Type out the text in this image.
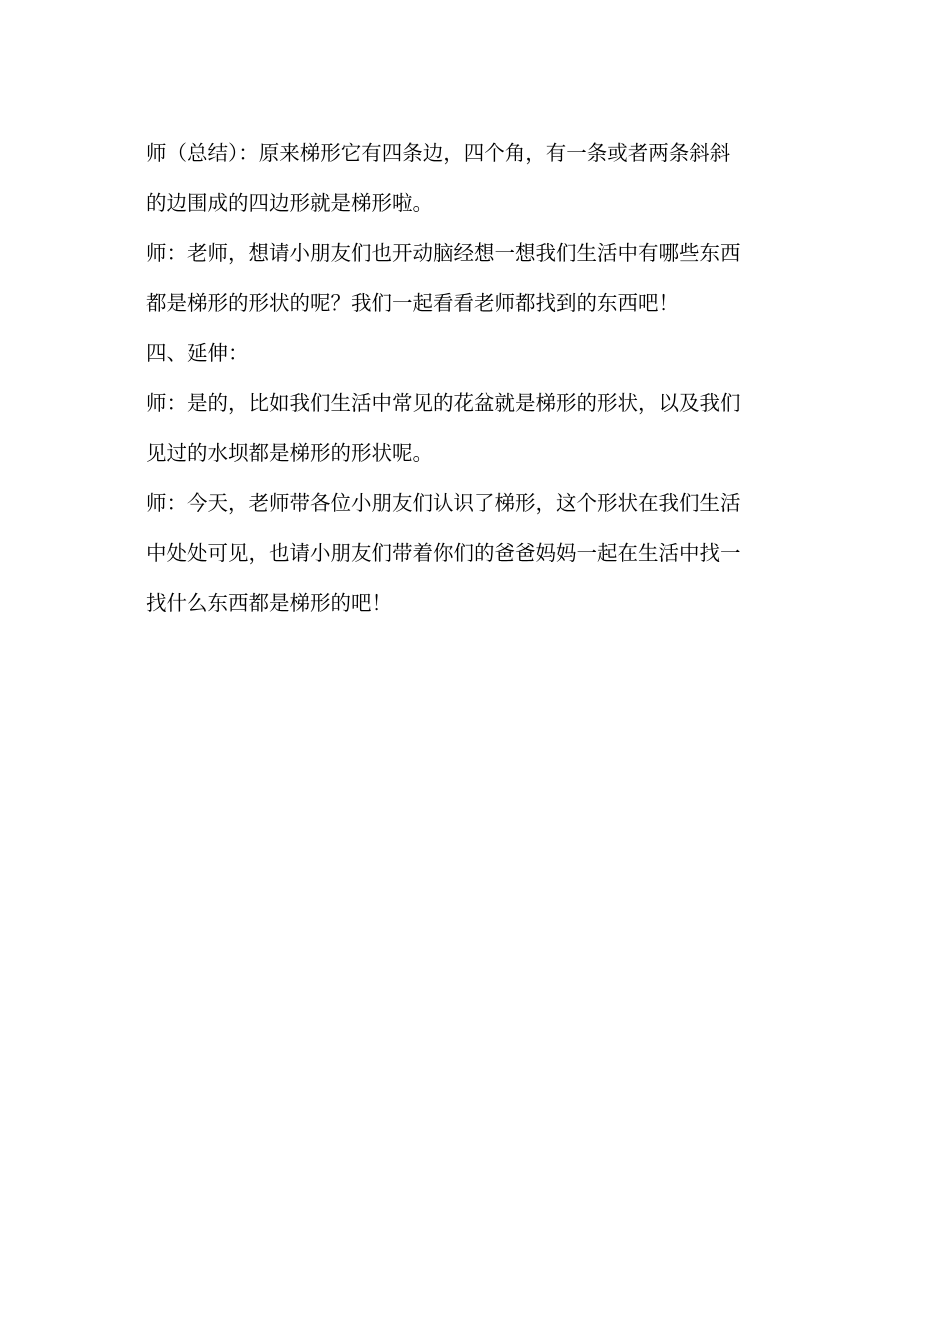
师（总结）：原来梯形它有四条边，四个角，有一条或者两条斜斜
的边围成的四边形就是梯形啦。

师：老师，想请小朋友们也开动脑经想一想我们生活中有哪些东西
都是梯形的形状的呢？我们一起看看老师都找到的东西吧！

四、延伸：

师：是的，比如我们生活中常见的花盆就是梯形的形状，以及我们
见过的水坝都是梯形的形状呢。

师：今天，老师带各位小朋友们认识了梯形，这个形状在我们生活
中处处可见，也请小朋友们带着你们的爸爸妈妈一起在生活中找一
找什么东西都是梯形的吧！
